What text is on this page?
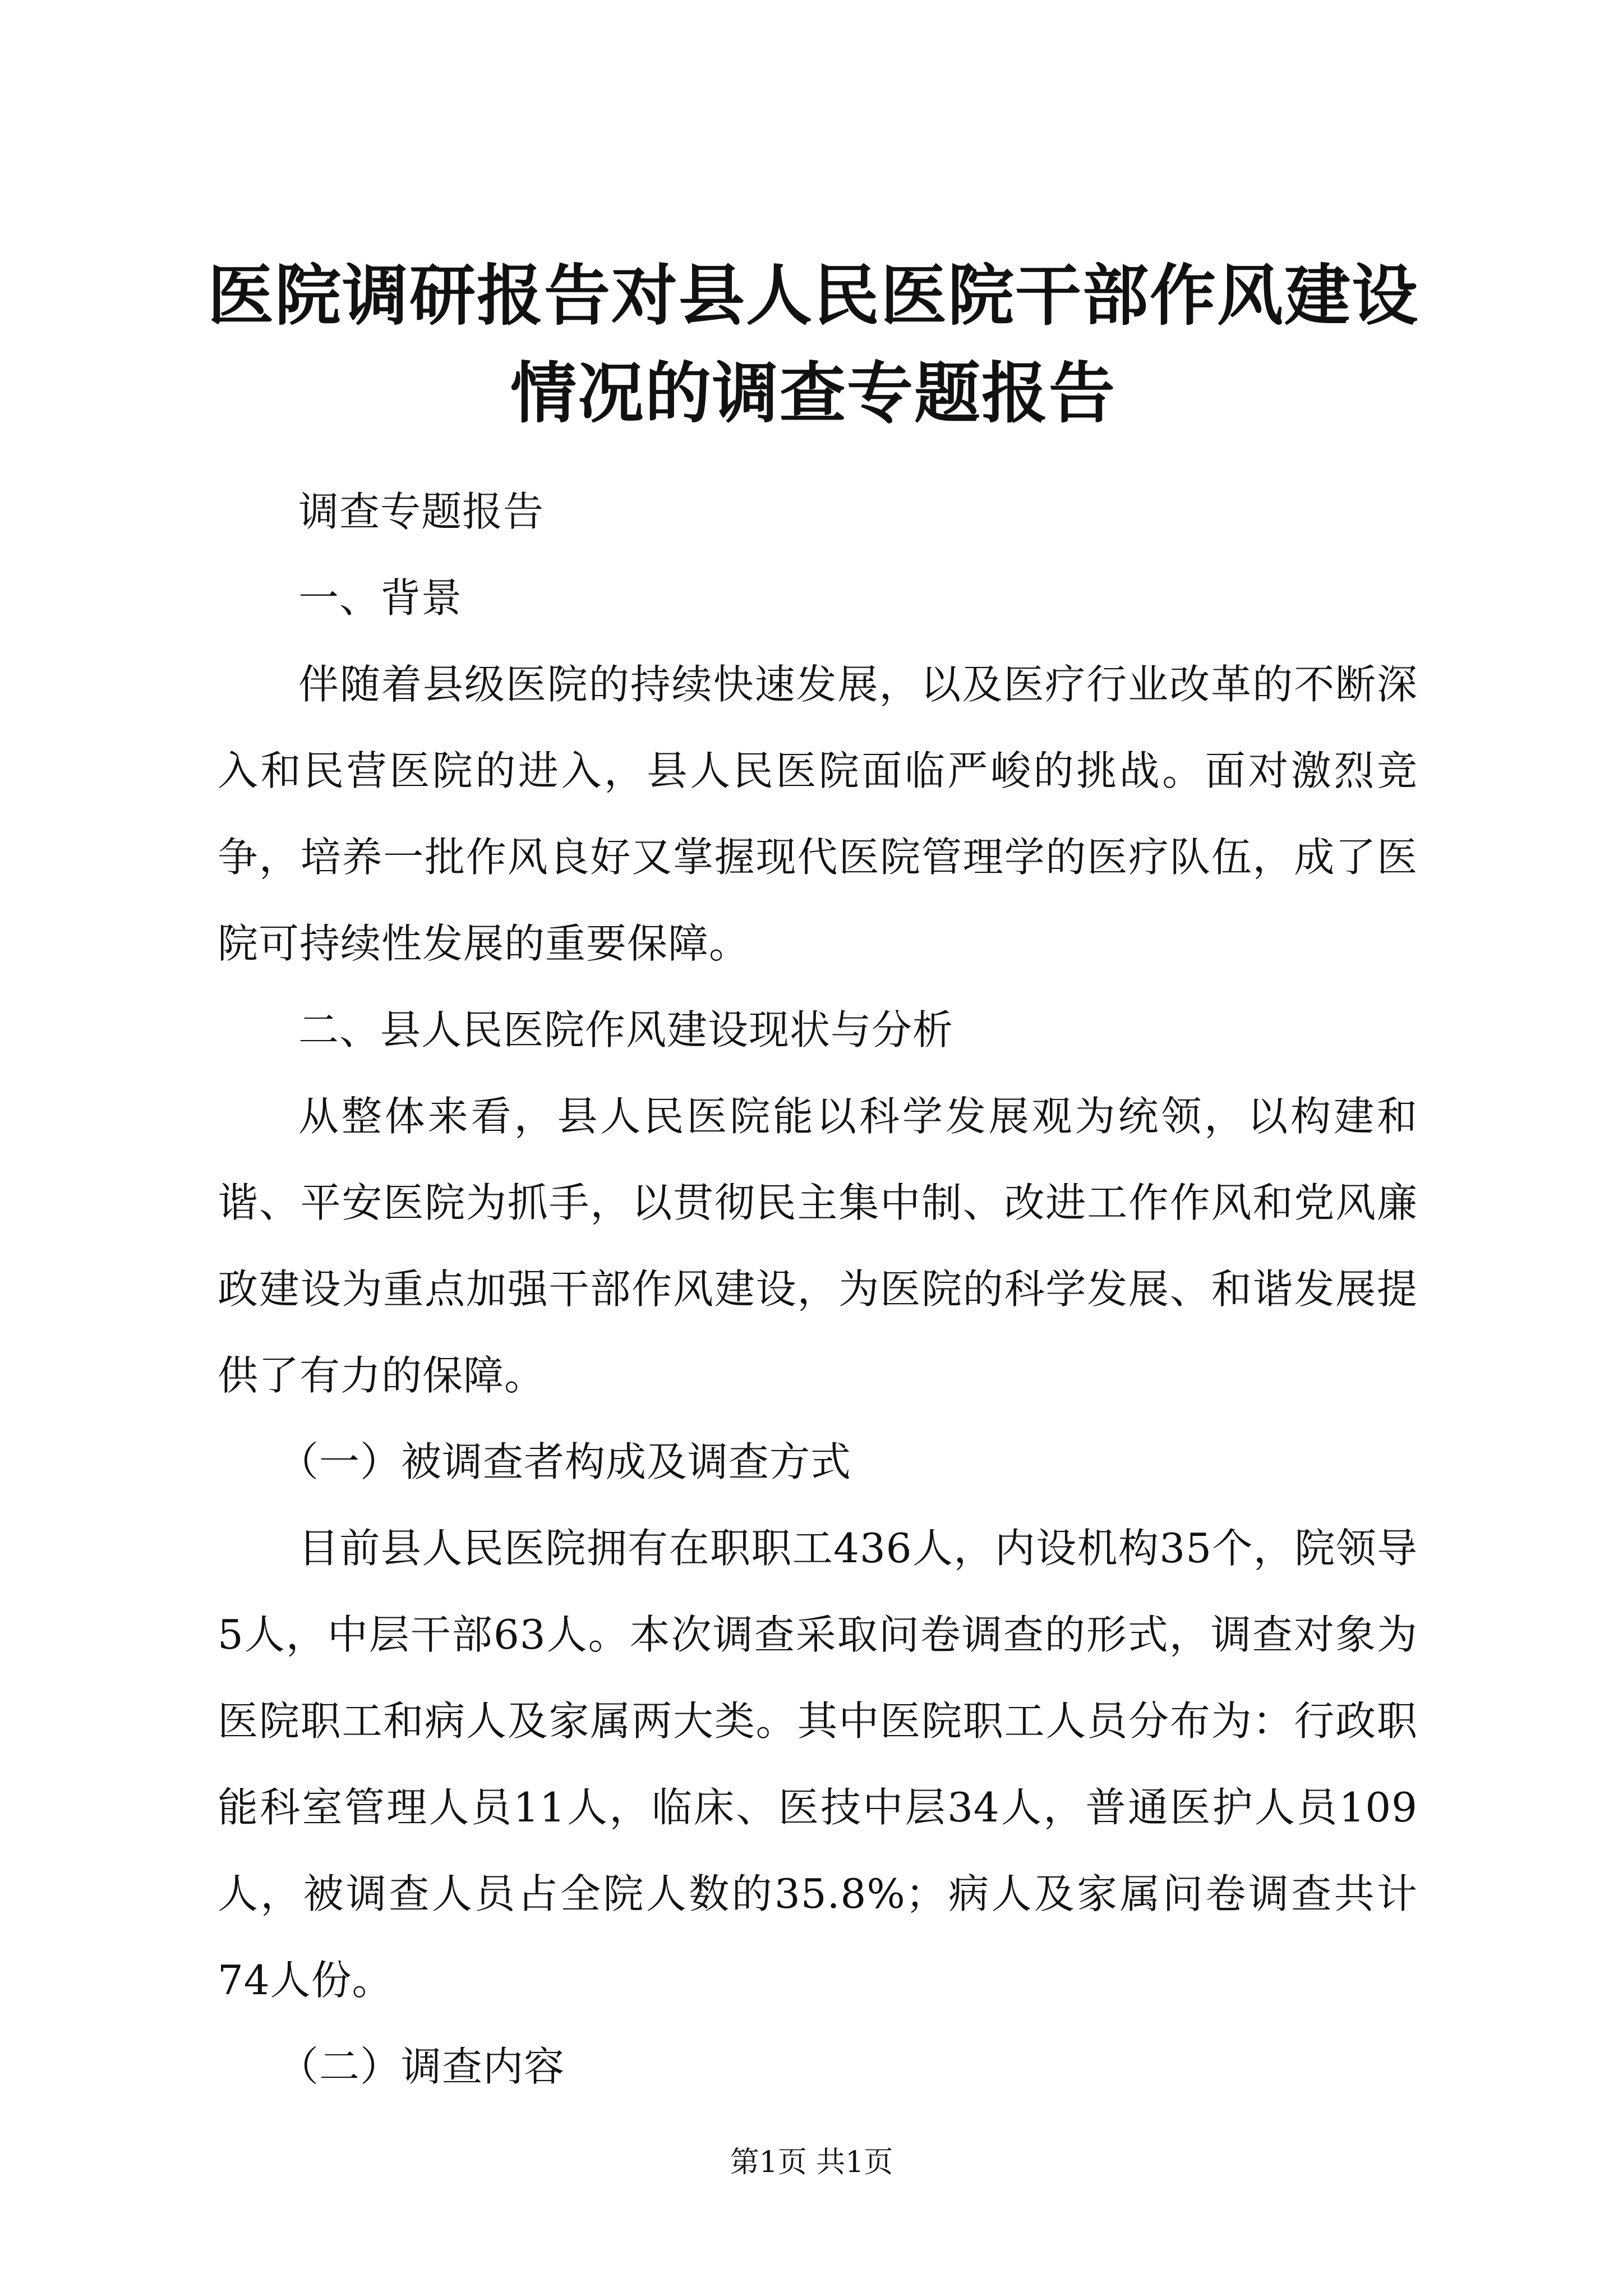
医院调研报告对县人民医院干部作风建设情况的调查专题报告

调查专题报告

一、背景

伴随着县级医院的持续快速发展，以及医疗行业改革的不断深入和民营医院的进入，县人民医院面临严峻的挑战。面对激烈竞争，培养一批作风良好又掌握现代医院管理学的医疗队伍，成了医院可持续性发展的重要保障。

二、县人民医院作风建设现状与分析

从整体来看，县人民医院能以科学发展观为统领，以构建和谐、平安医院为抓手，以贯彻民主集中制、改进工作作风和党风廉政建设为重点加强干部作风建设，为医院的科学发展、和谐发展提供了有力的保障。

（一）被调查者构成及调查方式

目前县人民医院拥有在职职工436人，内设机构35个，院领导5人，中层干部63人。本次调查采取问卷调查的形式，调查对象为医院职工和病人及家属两大类。其中医院职工人员分布为：行政职能科室管理人员11人，临床、医技中层34人，普通医护人员109人，被调查人员占全院人数的35.8%；病人及家属问卷调查共计74人份。

（二）调查内容

第1页 共1页
